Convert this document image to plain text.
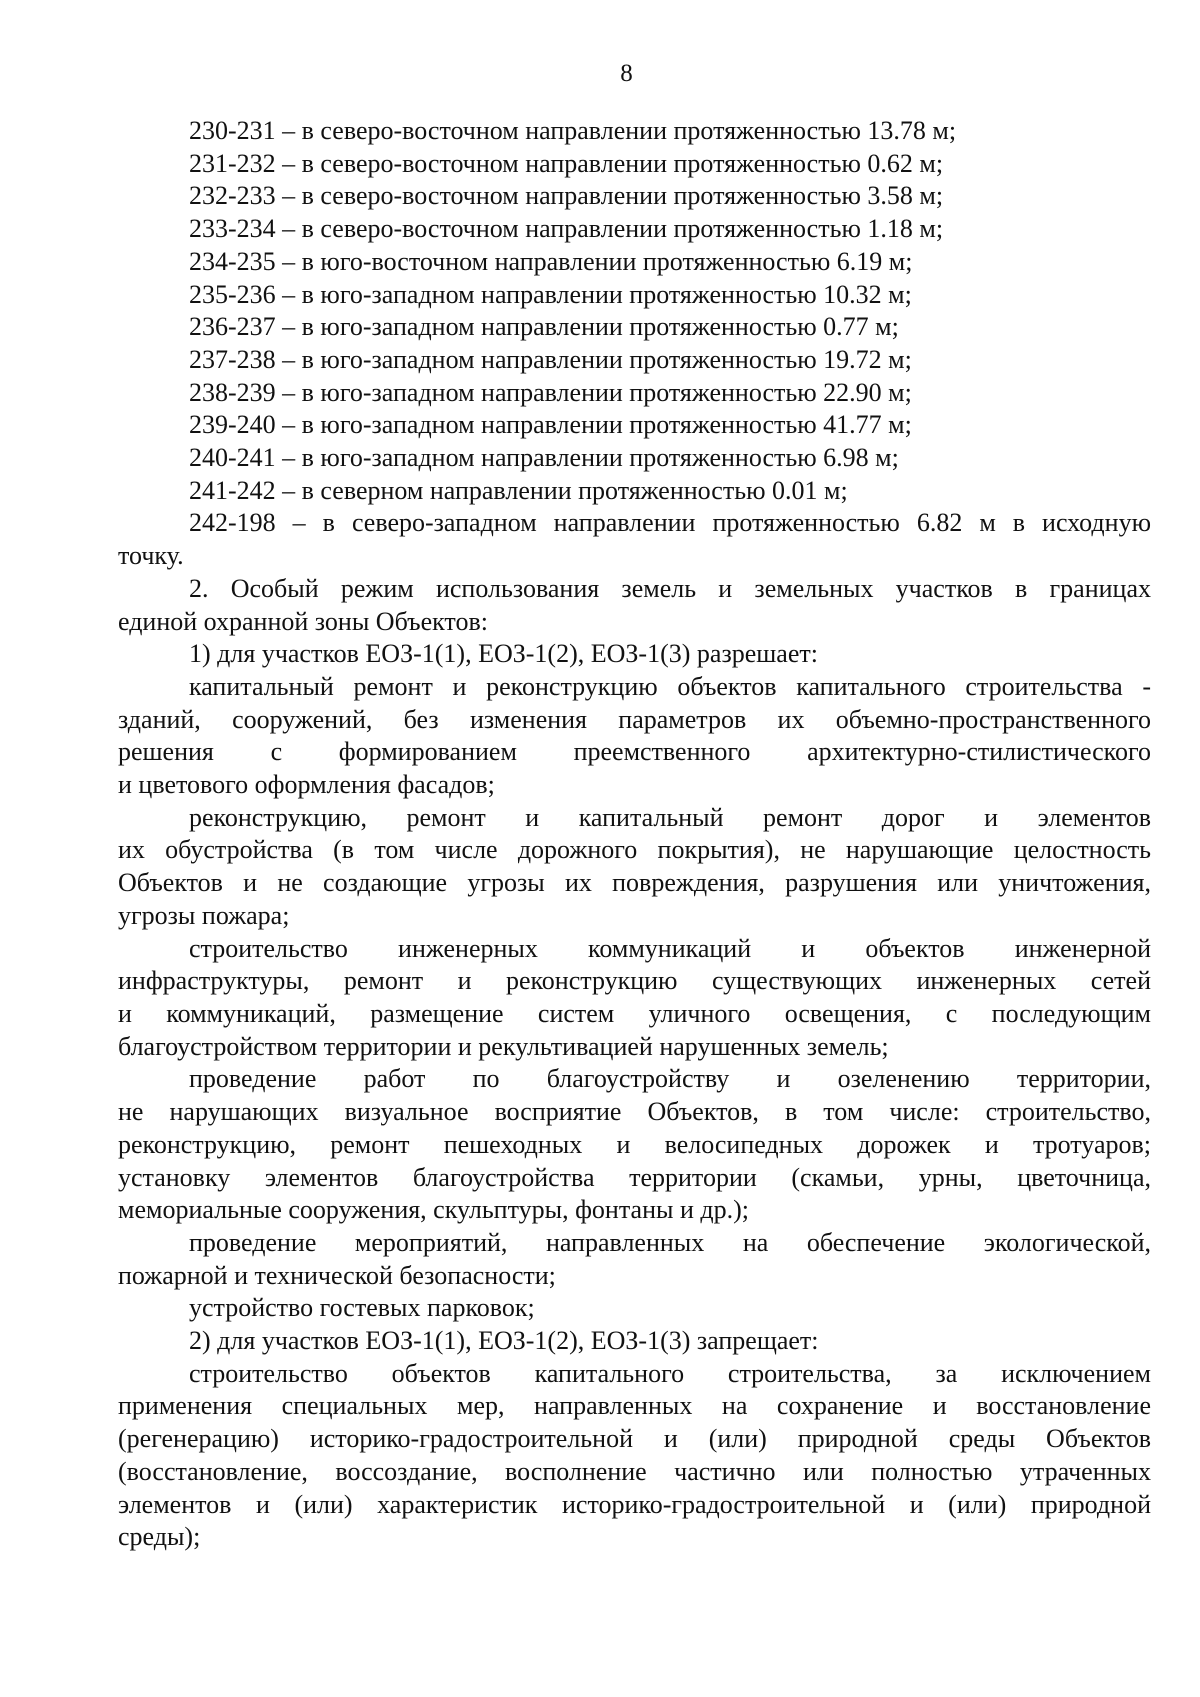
8
230-231 – в северо-восточном направлении протяженностью 13.78 м;
231-232 – в северо-восточном направлении протяженностью 0.62 м;
232-233 – в северо-восточном направлении протяженностью 3.58 м;
233-234 – в северо-восточном направлении протяженностью 1.18 м;
234-235 – в юго-восточном направлении протяженностью 6.19 м;
235-236 – в юго-западном направлении протяженностью 10.32 м;
236-237 – в юго-западном направлении протяженностью 0.77 м;
237-238 – в юго-западном направлении протяженностью 19.72 м;
238-239 – в юго-западном направлении протяженностью 22.90 м;
239-240 – в юго-западном направлении протяженностью 41.77 м;
240-241 – в юго-западном направлении протяженностью 6.98 м;
241-242 – в северном направлении протяженностью 0.01 м;
242-198 – в северо-западном направлении протяженностью 6.82 м в исходную
точку.
2. Особый режим использования земель и земельных участков в границах
единой охранной зоны Объектов:
1) для участков ЕОЗ-1(1), ЕОЗ-1(2), ЕОЗ-1(3) разрешает:
капитальный ремонт и реконструкцию объектов капитального строительства -
зданий, сооружений, без изменения параметров их объемно-пространственного
решения с формированием преемственного архитектурно-стилистического
и цветового оформления фасадов;
реконструкцию, ремонт и капитальный ремонт дорог и элементов
их обустройства (в том числе дорожного покрытия), не нарушающие целостность
Объектов и не создающие угрозы их повреждения, разрушения или уничтожения,
угрозы пожара;
строительство инженерных коммуникаций и объектов инженерной
инфраструктуры, ремонт и реконструкцию существующих инженерных сетей
и коммуникаций, размещение систем уличного освещения, с последующим
благоустройством территории и рекультивацией нарушенных земель;
проведение работ по благоустройству и озеленению территории,
не нарушающих визуальное восприятие Объектов, в том числе: строительство,
реконструкцию, ремонт пешеходных и велосипедных дорожек и тротуаров;
установку элементов благоустройства территории (скамьи, урны, цветочница,
мемориальные сооружения, скульптуры, фонтаны и др.);
проведение мероприятий, направленных на обеспечение экологической,
пожарной и технической безопасности;
устройство гостевых парковок;
2) для участков ЕОЗ-1(1), ЕОЗ-1(2), ЕОЗ-1(3) запрещает:
строительство объектов капитального строительства, за исключением
применения специальных мер, направленных на сохранение и восстановление
(регенерацию) историко-градостроительной и (или) природной среды Объектов
(восстановление, воссоздание, восполнение частично или полностью утраченных
элементов и (или) характеристик историко-градостроительной и (или) природной
среды);
